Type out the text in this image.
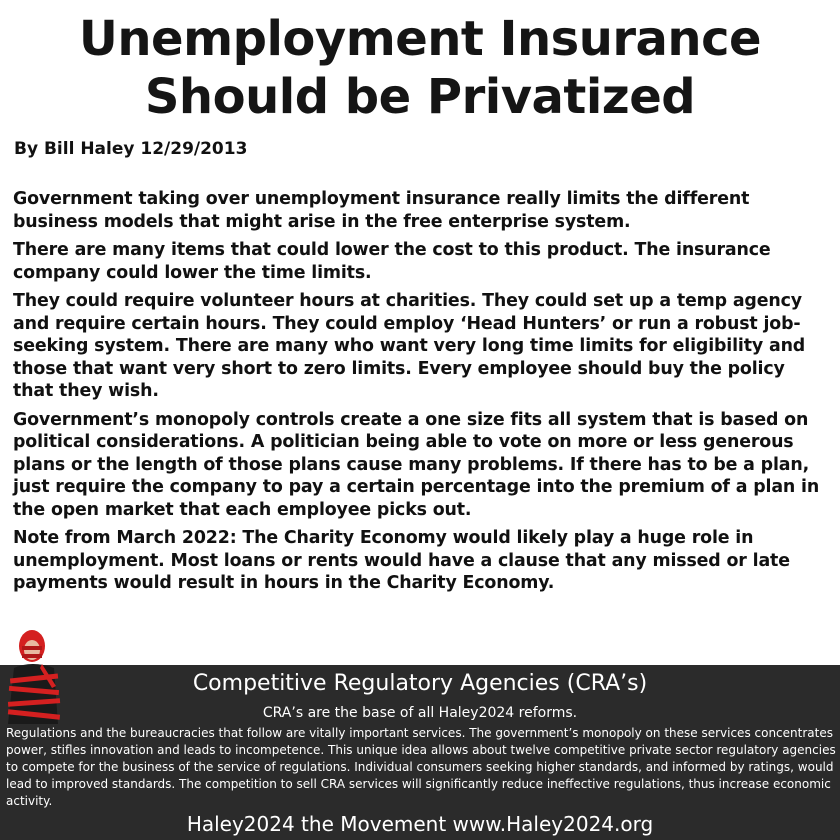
Unemployment Insurance
Should be Privatized
By Bill Haley 12/29/2013

Government taking over unemployment insurance really limits the different business models that might arise in the free enterprise system.

There are many items that could lower the cost to this product. The insurance company could lower the time limits.

They could require volunteer hours at charities. They could set up a temp agency and require certain hours. They could employ ‘Head Hunters’ or run a robust job-seeking system. There are many who want very long time limits for eligibility and those that want very short to zero limits. Every employee should buy the policy that they wish.

Government’s monopoly controls create a one size fits all system that is based on political considerations. A politician being able to vote on more or less generous plans or the length of those plans cause many problems. If there has to be a plan, just require the company to pay a certain percentage into the premium of a plan in the open market that each employee picks out.

Note from March 2022: The Charity Economy would likely play a huge role in unemployment. Most loans or rents would have a clause that any missed or late payments would result in hours in the Charity Economy.

Competitive Regulatory Agencies (CRA’s)
CRA’s are the base of all Haley2024 reforms.
Regulations and the bureaucracies that follow are vitally important services. The government’s monopoly on these services concentrates power, stifles innovation and leads to incompetence. This unique idea allows about twelve competitive private sector regulatory agencies to compete for the business of the service of regulations. Individual consumers seeking higher standards, and informed by ratings, would lead to improved standards. The competition to sell CRA services will significantly reduce ineffective regulations, thus increase economic activity.
Haley2024 the Movement www.Haley2024.org
